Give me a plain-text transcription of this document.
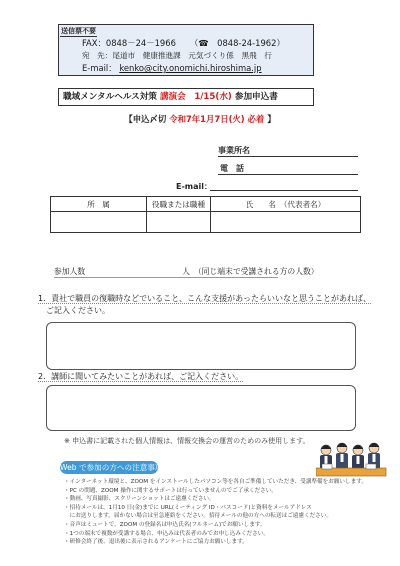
送信票不要
FAX：0848－24－1966 （☎　0848-24-1962）
宛　先：尾道市　健康推進課　元気づくり係　黒飛　行
E-mail： kenko@city.onomichi.hiroshima.jp
職域メンタルヘルス対策 講演会　1/15(水) 参加申込書
【申込〆切 令和7年1月7日(火) 必着 】
事業所名
電　話
E-mail：
所　属	役職または職種	氏　　名　（代表者名）

参加人数	人　（同じ端末で受講される方の人数）
1．責社で職員の復職時などでいること、こんな支援があったらいいなと思うことがあれば、
ご記入ください。
2．講師に聞いてみたいことがあれば、ご記入ください。
※ 申込書に記載された個人情報は、情報交換会の運営のためのみ使用します。
Web で参加の方への注意事項
・インターネット環境と、ZOOM をインストールしたパソコン等を各自ご準備していただき、受講準備をお願いします。
・PC の問題、ZOOM 操作に関するサポートは行っていませんのでご了承ください。
・動画、写真撮影、スクリーンショットはご遠慮ください。
・招待メールは、1月10 日(金)までに URL(ミーティング ID・パスコード)と資料をメールアドレス
　にお送りします。届かない場合は至急連絡をください。招待メールの他の方への転送はご遠慮ください。
・音声はミュートで、ZOOM の登録名は申込氏名(フルネーム)でお願いします。
・1つの端末で複数が受講する場合、申込みは代表者のみでお申し込みください。
・研修会終了後、退出後に表示されるアンケートにご協力お願いします。
